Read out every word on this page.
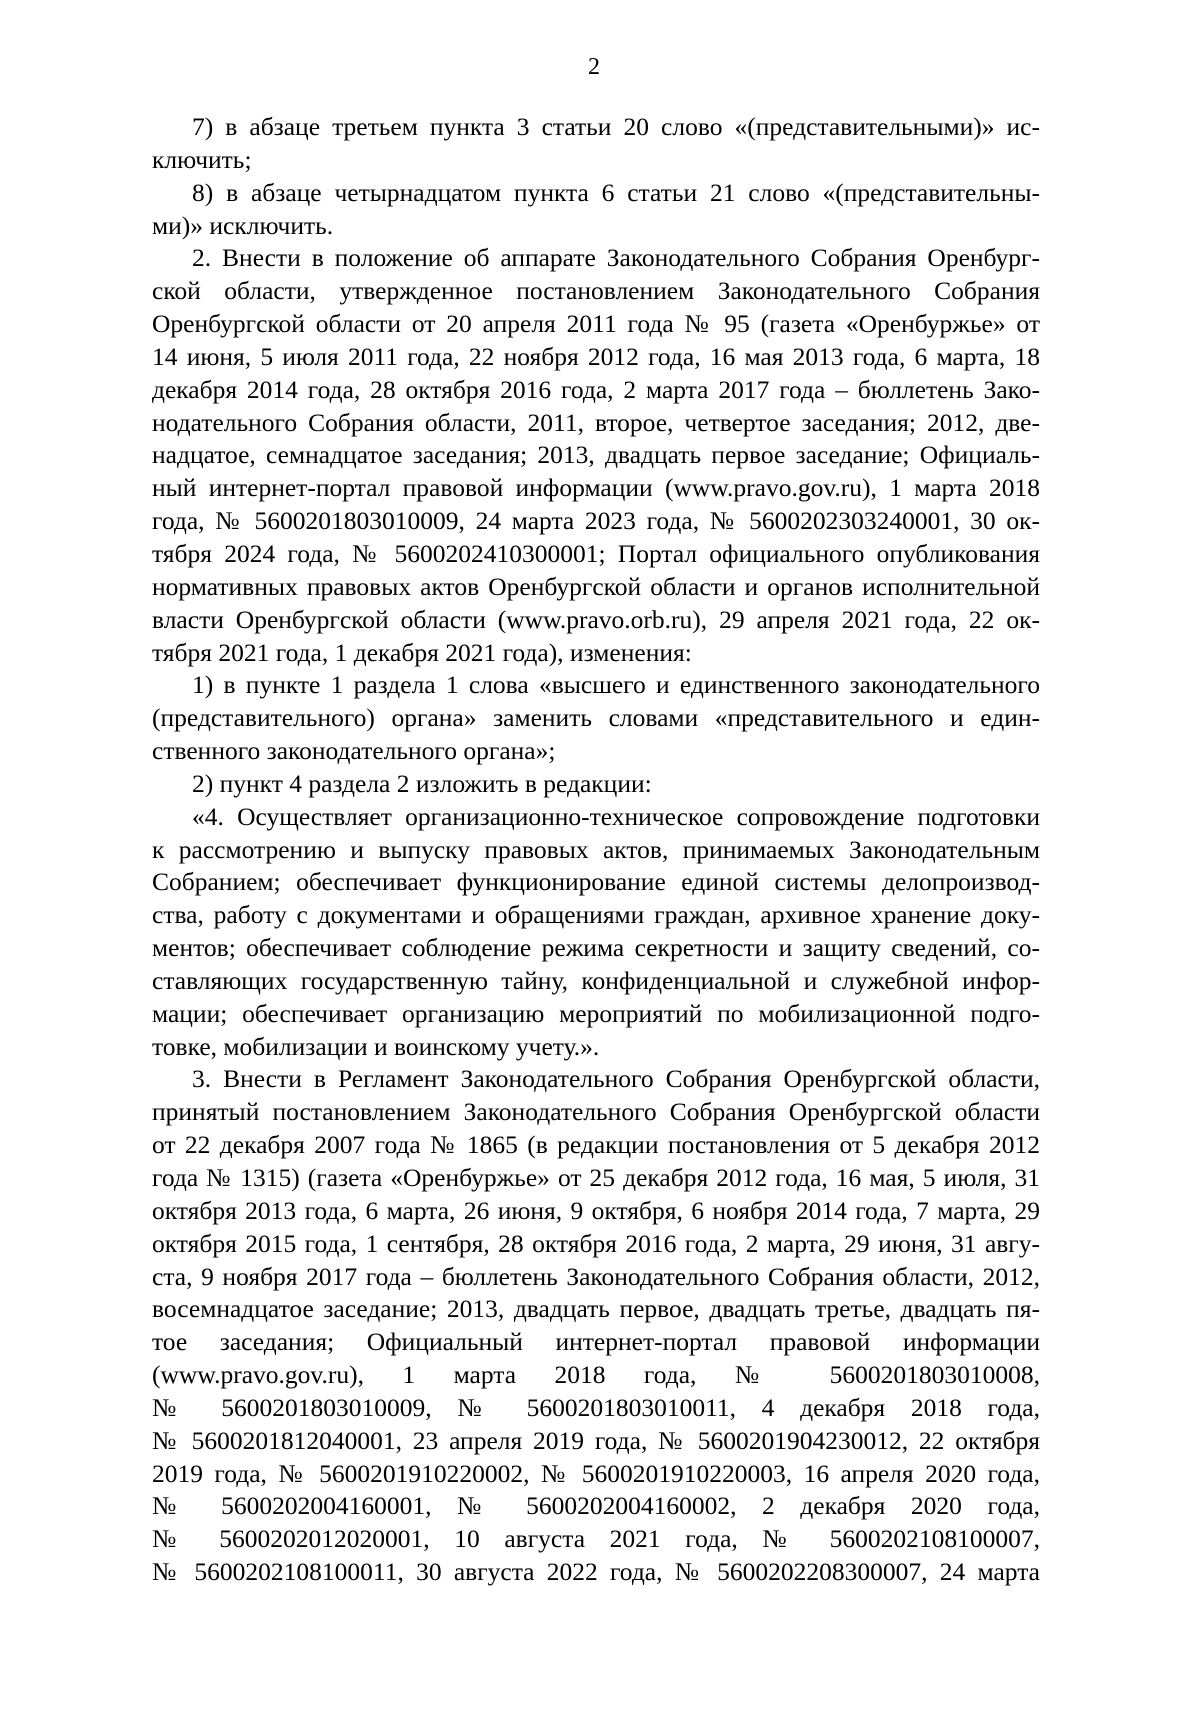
2
7) в абзаце третьем пункта 3 статьи 20 слово «(представительными)» ис-
ключить;
8) в абзаце четырнадцатом пункта 6 статьи 21 слово «(представительны-
ми)» исключить.
2. Внести в положение об аппарате Законодательного Собрания Оренбург-
ской области, утвержденное постановлением Законодательного Собрания
Оренбургской области от 20 апреля 2011 года № 95 (газета «Оренбуржье» от
14 июня, 5 июля 2011 года, 22 ноября 2012 года, 16 мая 2013 года, 6 марта, 18
декабря 2014 года, 28 октября 2016 года, 2 марта 2017 года – бюллетень Зако-
нодательного Собрания области, 2011, второе, четвертое заседания; 2012, две-
надцатое, семнадцатое заседания; 2013, двадцать первое заседание; Официаль-
ный интернет-портал правовой информации (www.pravo.gov.ru), 1 марта 2018
года, № 5600201803010009, 24 марта 2023 года, № 5600202303240001, 30 ок-
тября 2024 года, № 5600202410300001; Портал официального опубликования
нормативных правовых актов Оренбургской области и органов исполнительной
власти Оренбургской области (www.pravo.orb.ru), 29 апреля 2021 года, 22 ок-
тября 2021 года, 1 декабря 2021 года), изменения:
1) в пункте 1 раздела 1 слова «высшего и единственного законодательного
(представительного) органа» заменить словами «представительного и един-
ственного законодательного органа»;
2) пункт 4 раздела 2 изложить в редакции:
«4. Осуществляет организационно-техническое сопровождение подготовки
к рассмотрению и выпуску правовых актов, принимаемых Законодательным
Собранием; обеспечивает функционирование единой системы делопроизвод-
ства, работу с документами и обращениями граждан, архивное хранение доку-
ментов; обеспечивает соблюдение режима секретности и защиту сведений, со-
ставляющих государственную тайну, конфиденциальной и служебной инфор-
мации; обеспечивает организацию мероприятий по мобилизационной подго-
товке, мобилизации и воинскому учету.».
3. Внести в Регламент Законодательного Собрания Оренбургской области,
принятый постановлением Законодательного Собрания Оренбургской области
от 22 декабря 2007 года № 1865 (в редакции постановления от 5 декабря 2012
года № 1315) (газета «Оренбуржье» от 25 декабря 2012 года, 16 мая, 5 июля, 31
октября 2013 года, 6 марта, 26 июня, 9 октября, 6 ноября 2014 года, 7 марта, 29
октября 2015 года, 1 сентября, 28 октября 2016 года, 2 марта, 29 июня, 31 авгу-
ста, 9 ноября 2017 года – бюллетень Законодательного Собрания области, 2012,
восемнадцатое заседание; 2013, двадцать первое, двадцать третье, двадцать пя-
тое заседания; Официальный интернет-портал правовой информации
(www.pravo.gov.ru), 1 марта 2018 года, № 5600201803010008,
№ 5600201803010009, № 5600201803010011, 4 декабря 2018 года,
№ 5600201812040001, 23 апреля 2019 года, № 5600201904230012, 22 октября
2019 года, № 5600201910220002, № 5600201910220003, 16 апреля 2020 года,
№ 5600202004160001, № 5600202004160002, 2 декабря 2020 года,
№ 5600202012020001, 10 августа 2021 года, № 5600202108100007,
№ 5600202108100011, 30 августа 2022 года, № 5600202208300007, 24 марта
